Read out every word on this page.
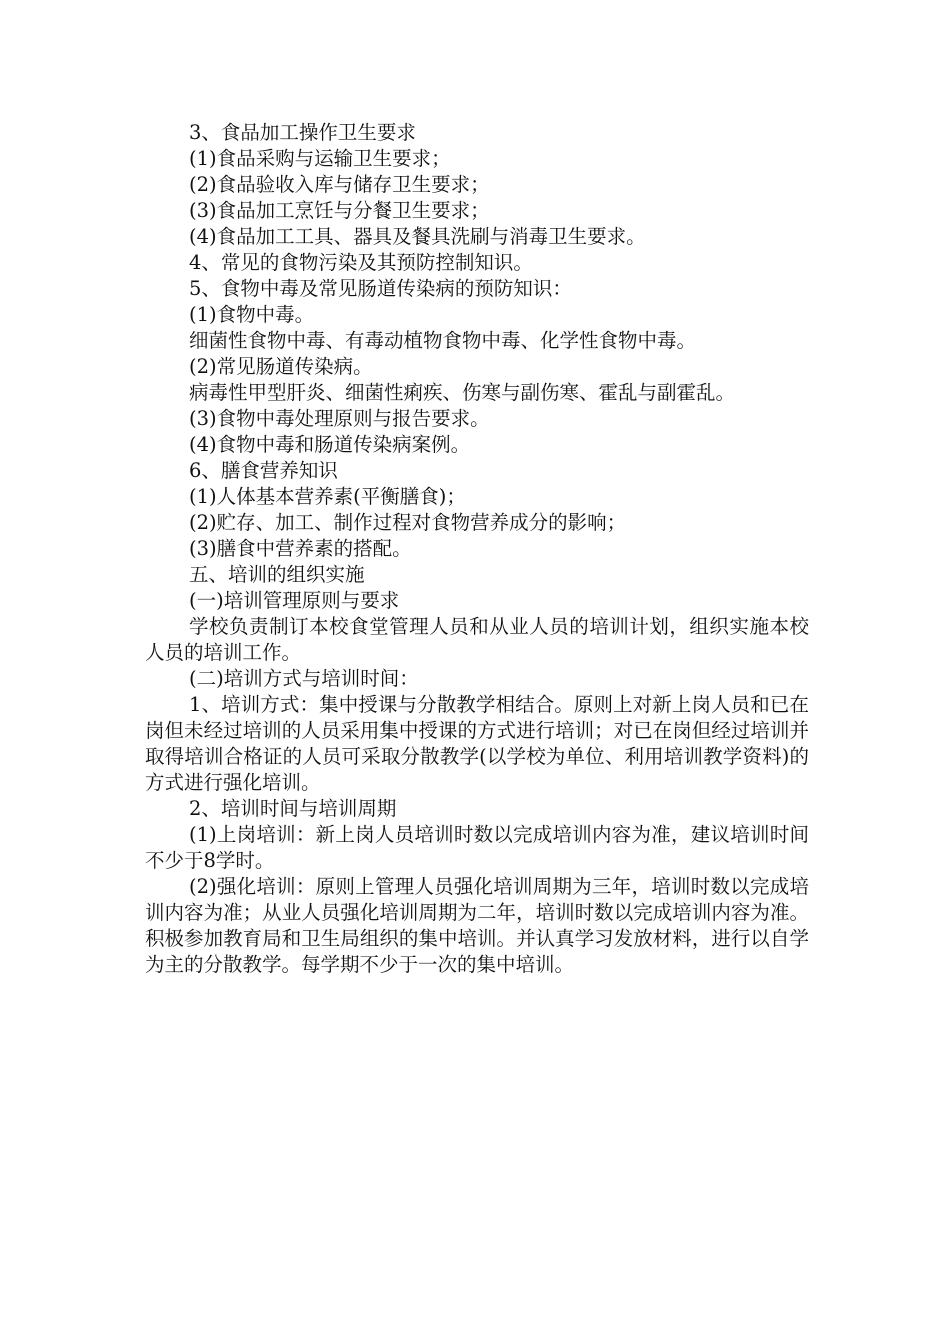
3、食品加工操作卫生要求

(1)食品采购与运输卫生要求；

(2)食品验收入库与储存卫生要求；

(3)食品加工烹饪与分餐卫生要求；

(4)食品加工工具、器具及餐具洗刷与消毒卫生要求。

4、常见的食物污染及其预防控制知识。

5、食物中毒及常见肠道传染病的预防知识：

(1)食物中毒。

细菌性食物中毒、有毒动植物食物中毒、化学性食物中毒。

(2)常见肠道传染病。

病毒性甲型肝炎、细菌性痢疾、伤寒与副伤寒、霍乱与副霍乱。

(3)食物中毒处理原则与报告要求。

(4)食物中毒和肠道传染病案例。

6、膳食营养知识

(1)人体基本营养素(平衡膳食)；

(2)贮存、加工、制作过程对食物营养成分的影响；

(3)膳食中营养素的搭配。

五、培训的组织实施

(一)培训管理原则与要求

学校负责制订本校食堂管理人员和从业人员的培训计划，组织实施本校人员的培训工作。

(二)培训方式与培训时间：

1、培训方式：集中授课与分散教学相结合。原则上对新上岗人员和已在岗但未经过培训的人员采用集中授课的方式进行培训；对已在岗但经过培训并取得培训合格证的人员可采取分散教学(以学校为单位、利用培训教学资料)的方式进行强化培训。

2、培训时间与培训周期

(1)上岗培训：新上岗人员培训时数以完成培训内容为准，建议培训时间不少于8学时。

(2)强化培训：原则上管理人员强化培训周期为三年，培训时数以完成培训内容为准；从业人员强化培训周期为二年，培训时数以完成培训内容为准。积极参加教育局和卫生局组织的集中培训。并认真学习发放材料，进行以自学为主的分散教学。每学期不少于一次的集中培训。
